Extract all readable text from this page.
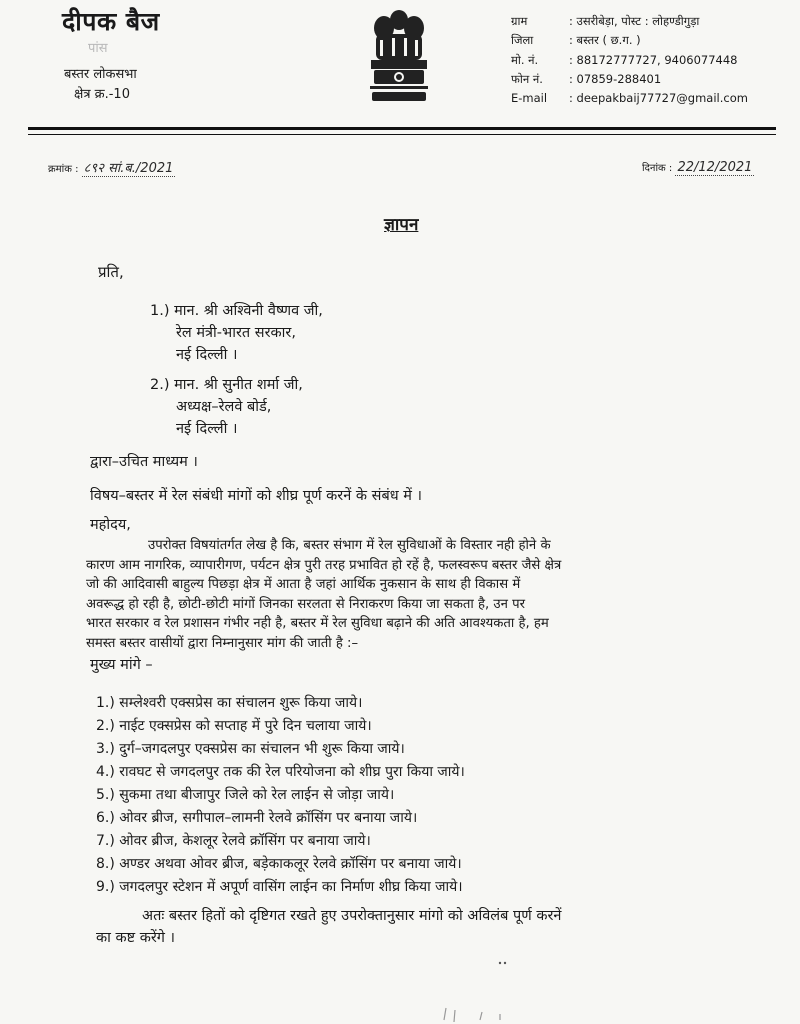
दीपक बैज
पांस
बस्तर लोकसभा
क्षेत्र क्र.-10
ग्राम	: उसरीबेड़ा, पोस्ट : लोहण्डीगुड़ा
जिला	: बस्तर ( छ.ग. )
मो. नं.	: 88172777727, 9406077448
फोन नं.	: 07859-288401
E-mail	: deepakbaij77727@gmail.com
क्रमांक : ८९२ सां.ब./2021	दिनांक : 22/12/2021
ज्ञापन
प्रति,
1.) मान. श्री अश्विनी वैष्णव जी,
रेल मंत्री-भारत सरकार,
नई दिल्ली ।
2.) मान. श्री सुनीत शर्मा जी,
अध्यक्ष–रेलवे बोर्ड,
नई दिल्ली ।
द्वारा–उचित माध्यम ।
विषय–बस्तर में रेल संबंधी मांगों को शीघ्र पूर्ण करनें के संबंध में ।
महोदय,
उपरोक्त विषयांतर्गत लेख है कि, बस्तर संभाग में रेल सुविधाओं के विस्तार नही होने के
कारण आम नागरिक, व्यापारीगण, पर्यटन क्षेत्र पुरी तरह प्रभावित हो रहें है, फलस्वरूप बस्तर जैसे क्षेत्र
जो की आदिवासी बाहुल्य पिछड़ा क्षेत्र में आता है जहां आर्थिक नुकसान के साथ ही विकास में
अवरूद्ध हो रही है, छोटी-छोटी मांगों जिनका सरलता से निराकरण किया जा सकता है, उन पर
भारत सरकार व रेल प्रशासन गंभीर नही है, बस्तर में रेल सुविधा बढ़ाने की अति आवश्यकता है, हम
समस्त बस्तर वासीयों द्वारा निम्नानुसार मांग की जाती है :–
मुख्य मांगे –
1.) सम्लेश्वरी एक्सप्रेस का संचालन शुरू किया जाये।
2.) नाईट एक्सप्रेस को सप्ताह में पुरे दिन चलाया जाये।
3.) दुर्ग–जगदलपुर एक्सप्रेस का संचालन भी शुरू किया जाये।
4.) रावघट से जगदलपुर तक की रेल परियोजना को शीघ्र पुरा किया जाये।
5.) सुकमा तथा बीजापुर जिले को रेल लाईन से जोड़ा जाये।
6.) ओवर ब्रीज, सगीपाल–लामनी रेलवे क्रॉसिंग पर बनाया जाये।
7.) ओवर ब्रीज, केशलूर रेलवे क्रॉसिंग पर बनाया जाये।
8.) अण्डर अथवा ओवर ब्रीज, बड़ेकाकलूर रेलवे क्रॉसिंग पर बनाया जाये।
9.) जगदलपुर स्टेशन में अपूर्ण वासिंग लाईन का निर्माण शीघ्र किया जाये।
अतः बस्तर हितों को दृष्टिगत रखते हुए उपरोक्तानुसार मांगो को अविलंब पूर्ण करनें
का कष्ट करेंगे ।
